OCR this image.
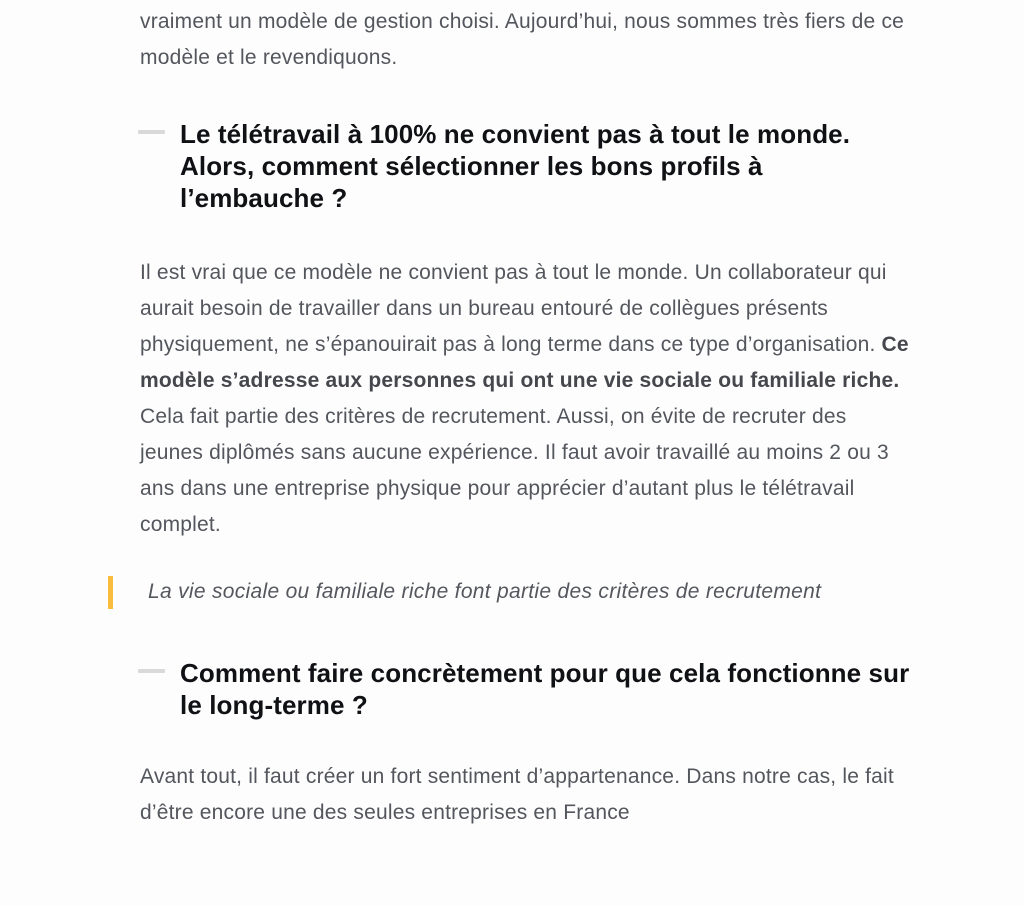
vraiment un modèle de gestion choisi. Aujourd’hui, nous sommes très fiers de ce modèle et le revendiquons.

Le télétravail à 100% ne convient pas à tout le monde. Alors, comment sélectionner les bons profils à l’embauche ?

Il est vrai que ce modèle ne convient pas à tout le monde. Un collaborateur qui aurait besoin de travailler dans un bureau entouré de collègues présents physiquement, ne s’épanouirait pas à long terme dans ce type d’organisation. Ce modèle s’adresse aux personnes qui ont une vie sociale ou familiale riche. Cela fait partie des critères de recrutement. Aussi, on évite de recruter des jeunes diplômés sans aucune expérience. Il faut avoir travaillé au moins 2 ou 3 ans dans une entreprise physique pour apprécier d’autant plus le télétravail complet.

La vie sociale ou familiale riche font partie des critères de recrutement

Comment faire concrètement pour que cela fonctionne sur le long-terme ?

Avant tout, il faut créer un fort sentiment d’appartenance. Dans notre cas, le fait d’être encore une des seules entreprises en France
